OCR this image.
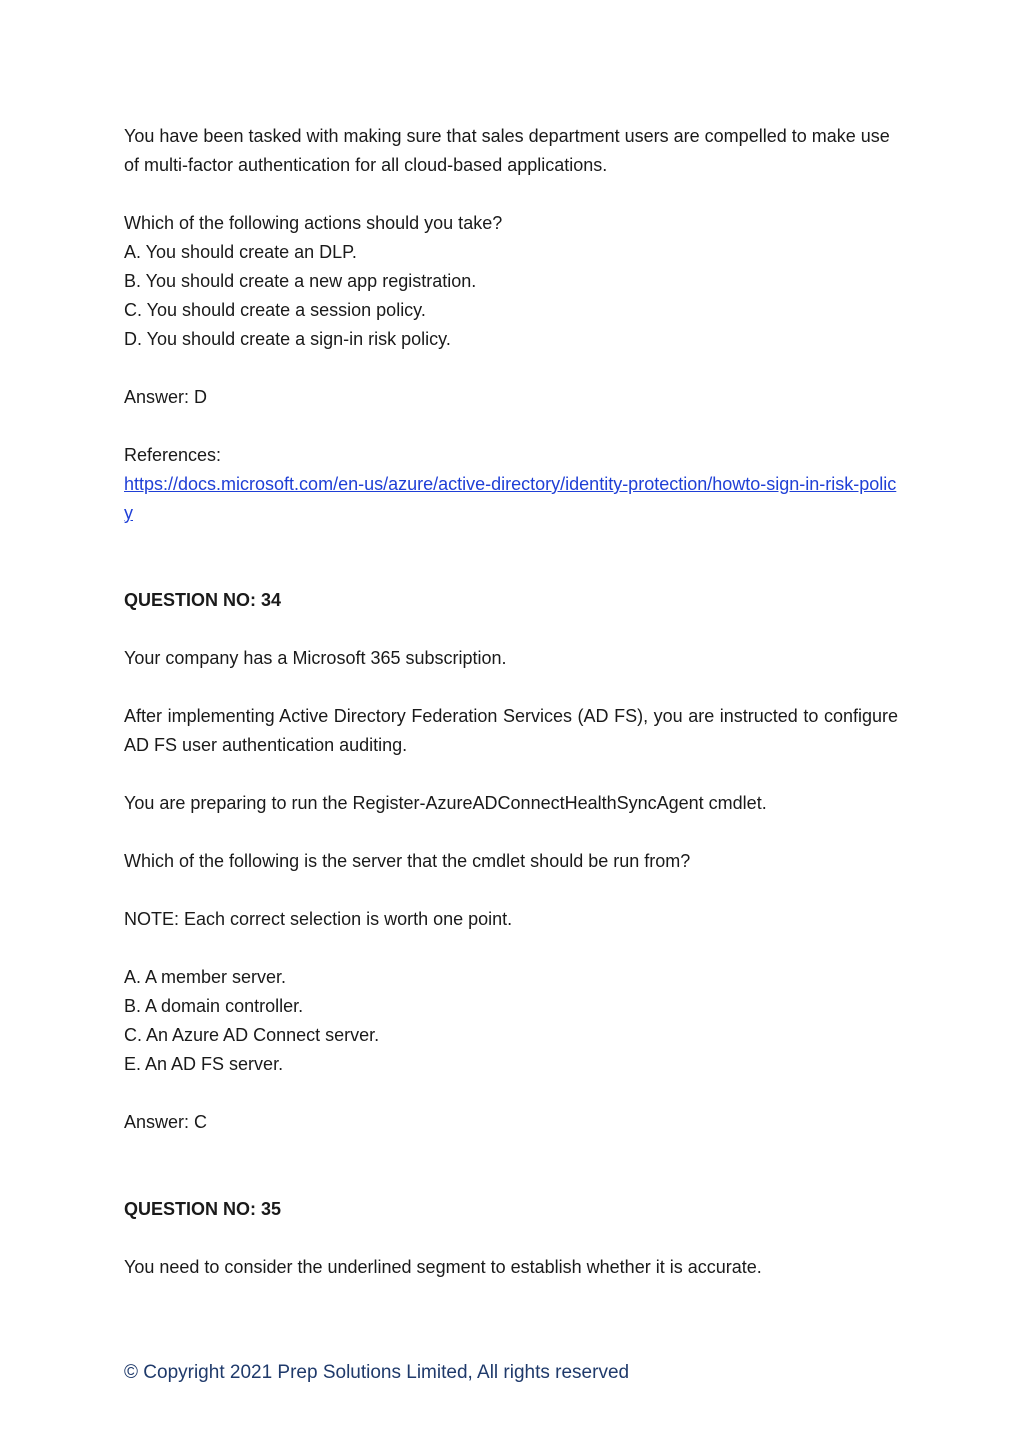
You have been tasked with making sure that sales department users are compelled to make use of multi-factor authentication for all cloud-based applications.

Which of the following actions should you take?

A. You should create an DLP.

B. You should create a new app registration.

C. You should create a session policy.

D. You should create a sign-in risk policy.

Answer: D

References:

https://docs.microsoft.com/en-us/azure/active-directory/identity-protection/howto-sign-in-risk-policy

QUESTION NO: 34

Your company has a Microsoft 365 subscription.

After implementing Active Directory Federation Services (AD FS), you are instructed to configure AD FS user authentication auditing.

You are preparing to run the Register-AzureADConnectHealthSyncAgent cmdlet.

Which of the following is the server that the cmdlet should be run from?

NOTE: Each correct selection is worth one point.

A. A member server.

B. A domain controller.

C. An Azure AD Connect server.

E. An AD FS server.

Answer: C

QUESTION NO: 35

You need to consider the underlined segment to establish whether it is accurate.

© Copyright 2021 Prep Solutions Limited, All rights reserved
